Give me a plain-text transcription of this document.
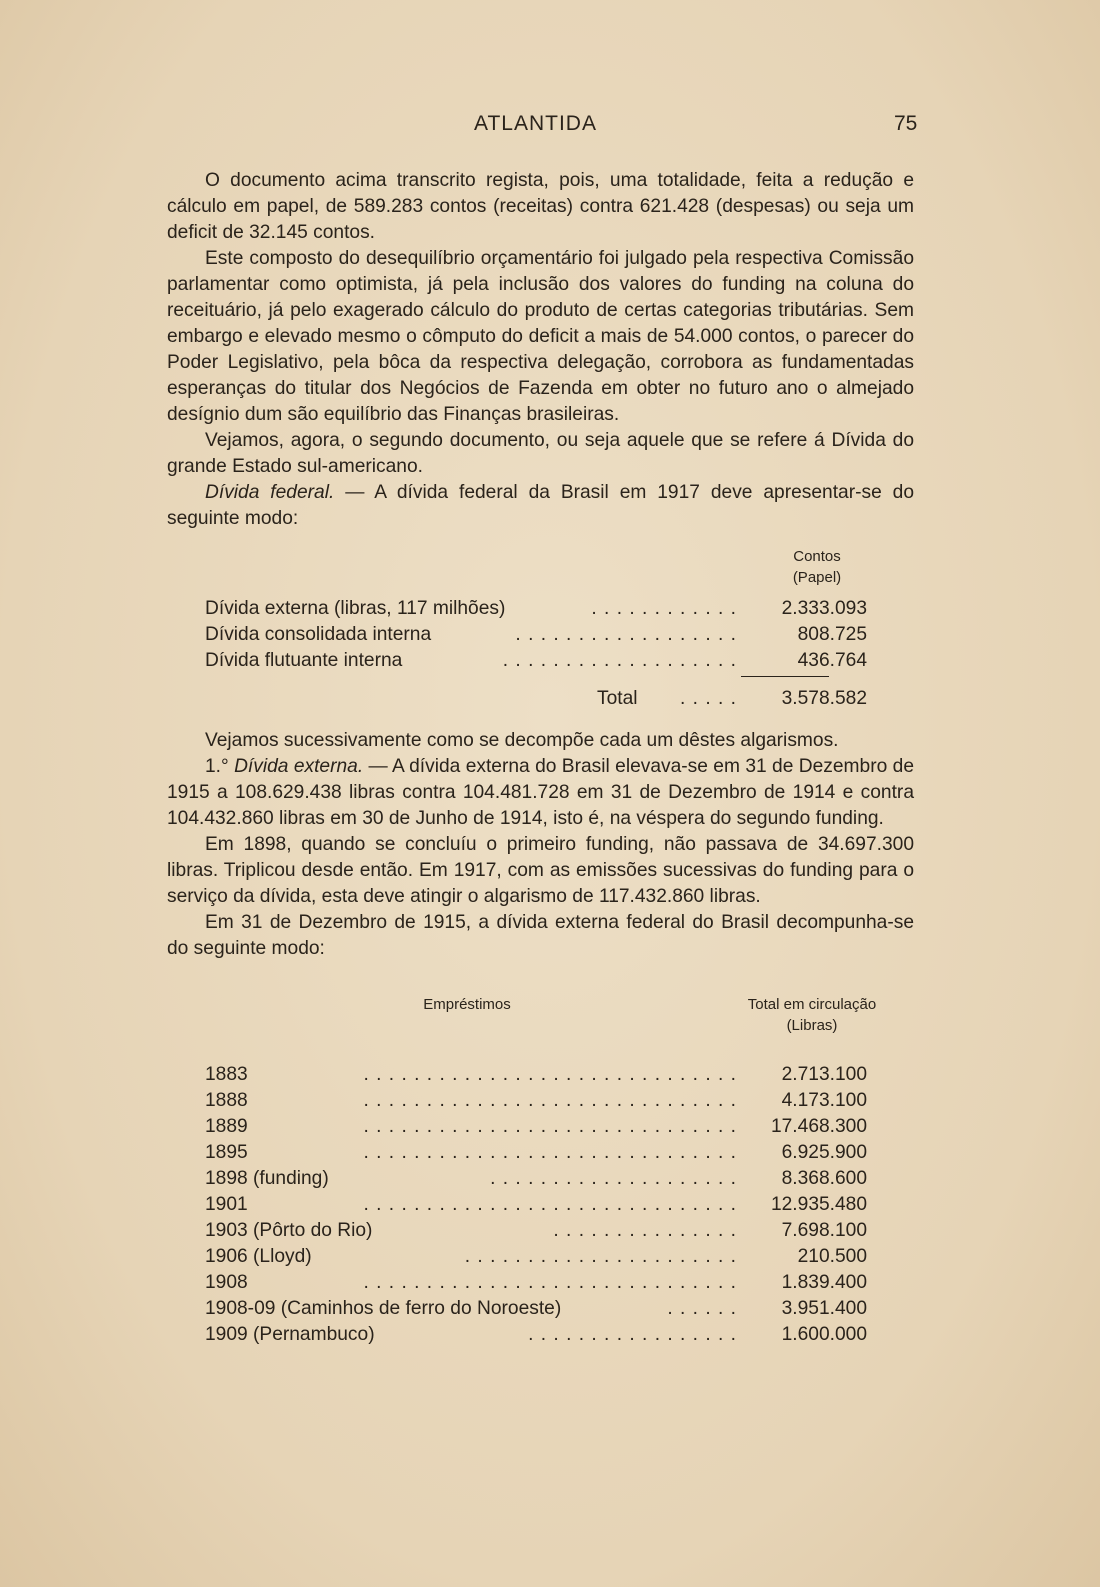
ATLANTIDA	75

O documento acima transcrito regista, pois, uma totalidade, feita a redução e cálculo em papel, de 589.283 contos (receitas) contra 621.428 (despesas) ou seja um deficit de 32.145 contos.

Este composto do desequilíbrio orçamentário foi julgado pela respectiva Comissão parlamentar como optimista, já pela inclusão dos valores do funding na coluna do receituário, já pelo exagerado cálculo do produto de certas categorias tributárias. Sem embargo e elevado mesmo o cômputo do deficit a mais de 54.000 contos, o parecer do Poder Legislativo, pela bôca da respectiva delegação, corrobora as fundamentadas esperanças do titular dos Negócios de Fazenda em obter no futuro ano o almejado desígnio dum são equilíbrio das Finanças brasileiras.

Vejamos, agora, o segundo documento, ou seja aquele que se refere á Dívida do grande Estado sul-americano.

Dívida federal. — A dívida federal da Brasil em 1917 deve apresentar-se do seguinte modo:

Contos
(Papel)
Dívida externa (libras, 117 milhões)	. . . . . . . . . . . . 2.333.093
Dívida consolidada interna	. . . . . . . . . . . . . . . . . .	808.725
Dívida flutuante interna	. . . . . . . . . . . . . . . . . . .	436.764
Total . . . . . 3.578.582

Vejamos sucessivamente como se decompõe cada um dêstes algarismos.

1.° Dívida externa. — A dívida externa do Brasil elevava-se em 31 de Dezembro de 1915 a 108.629.438 libras contra 104.481.728 em 31 de Dezembro de 1914 e contra 104.432.860 libras em 30 de Junho de 1914, isto é, na véspera do segundo funding.

Em 1898, quando se concluíu o primeiro funding, não passava de 34.697.300 libras. Triplicou desde então. Em 1917, com as emissões sucessivas do funding para o serviço da dívida, esta deve atingir o algarismo de 117.432.860 libras.

Em 31 de Dezembro de 1915, a dívida externa federal do Brasil decompunha-se do seguinte modo:

Empréstimos	Total em circulação
(Libras)
1883	. . . . . . . . . . . . . . . . . . . . . . . . . . . . . . 2.713.100
1888	. . . . . . . . . . . . . . . . . . . . . . . . . . . . . . 4.173.100
1889	. . . . . . . . . . . . . . . . . . . . . . . . . . . . . . 17.468.300
1895	. . . . . . . . . . . . . . . . . . . . . . . . . . . . . . 6.925.900
1898 (funding)	. . . . . . . . . . . . . . . . . . . . 8.368.600
1901	. . . . . . . . . . . . . . . . . . . . . . . . . . . . . . 12.935.480
1903 (Pôrto do Rio)	. . . . . . . . . . . . . . . 7.698.100
1906 (Lloyd)	. . . . . . . . . . . . . . . . . . . . . .	210.500
1908	. . . . . . . . . . . . . . . . . . . . . . . . . . . . . . 1.839.400
1908-09 (Caminhos de ferro do Noroeste)	. . . . . . 3.951.400
1909 (Pernambuco)	. . . . . . . . . . . . . . . . . 1.600.000
